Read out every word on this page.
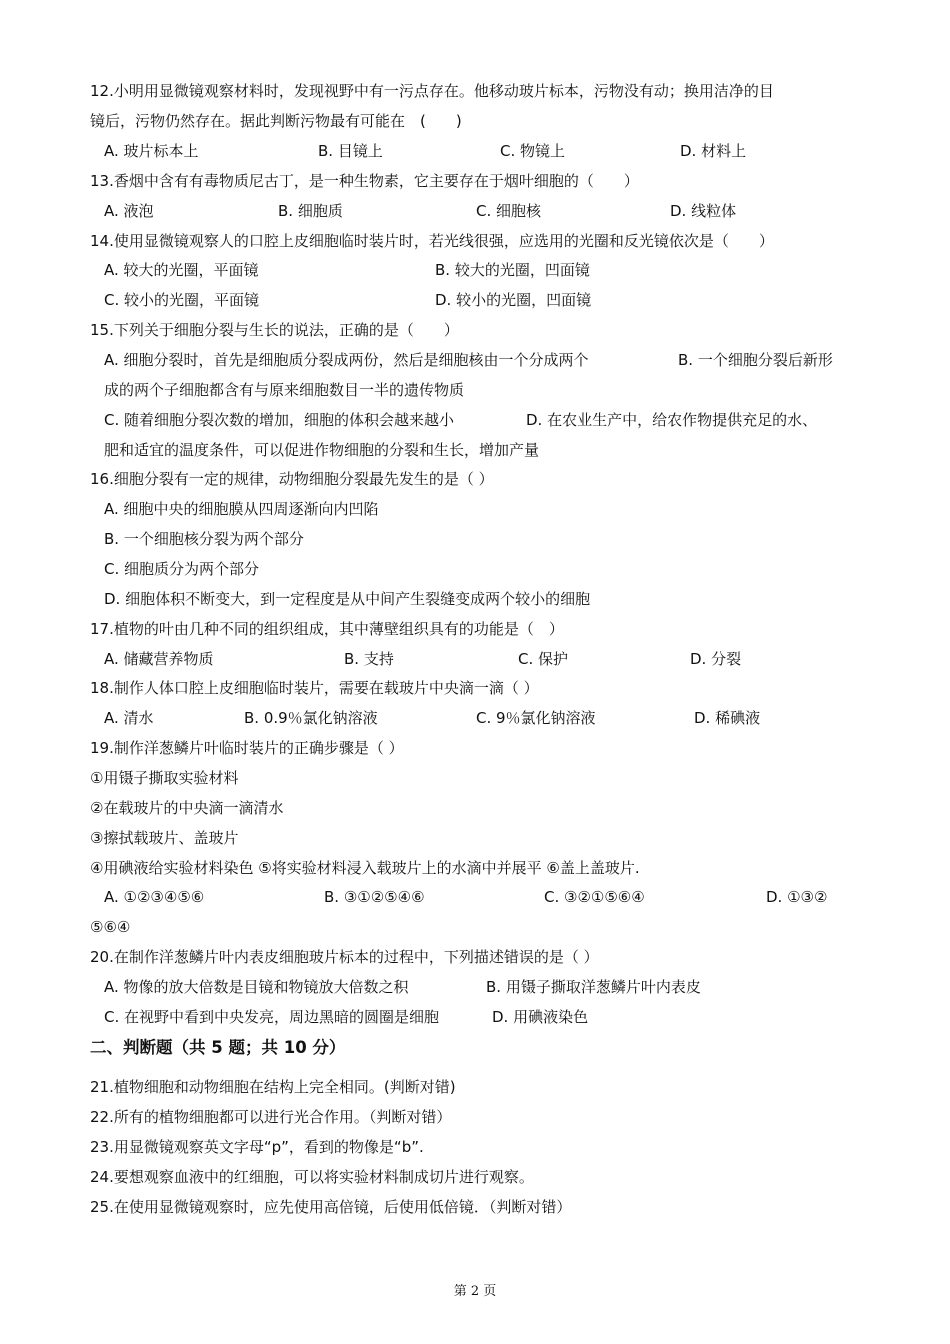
12.小明用显微镜观察材料时，发现视野中有一污点存在。他移动玻片标本，污物没有动；换用洁净的目
镜后，污物仍然存在。据此判断污物最有可能在　(　　)
A. 玻片标本上	B. 目镜上	C. 物镜上	D. 材料上
13.香烟中含有有毒物质尼古丁，是一种生物素，它主要存在于烟叶细胞的（　　）
A. 液泡	B. 细胞质	C. 细胞核	D. 线粒体
14.使用显微镜观察人的口腔上皮细胞临时装片时，若光线很强，应选用的光圈和反光镜依次是（　　）
A. 较大的光圈，平面镜	B. 较大的光圈，凹面镜
C. 较小的光圈，平面镜	D. 较小的光圈，凹面镜
15.下列关于细胞分裂与生长的说法，正确的是（　　）
A. 细胞分裂时，首先是细胞质分裂成两份，然后是细胞核由一个分成两个	B. 一个细胞分裂后新形
成的两个子细胞都含有与原来细胞数目一半的遗传物质
C. 随着细胞分裂次数的增加，细胞的体积会越来越小	D. 在农业生产中，给农作物提供充足的水、
肥和适宜的温度条件，可以促进作物细胞的分裂和生长，增加产量
16.细胞分裂有一定的规律，动物细胞分裂最先发生的是（ ）
A. 细胞中央的细胞膜从四周逐渐向内凹陷
B. 一个细胞核分裂为两个部分
C. 细胞质分为两个部分
D. 细胞体积不断变大，到一定程度是从中间产生裂缝变成两个较小的细胞
17.植物的叶由几种不同的组织组成，其中薄壁组织具有的功能是（　）
A. 储藏营养物质	B. 支持	C. 保护	D. 分裂
18.制作人体口腔上皮细胞临时装片，需要在载玻片中央滴一滴（ ）
A. 清水	B. 0.9％氯化钠溶液	C. 9％氯化钠溶液	D. 稀碘液
19.制作洋葱鳞片叶临时装片的正确步骤是（ ）
①用镊子撕取实验材料
②在载玻片的中央滴一滴清水
③擦拭载玻片、盖玻片
④用碘液给实验材料染色 ⑤将实验材料浸入载玻片上的水滴中并展平 ⑥盖上盖玻片.
A. ①②③④⑤⑥	B. ③①②⑤④⑥	C. ③②①⑤⑥④	D. ①③②
⑤⑥④
20.在制作洋葱鳞片叶内表皮细胞玻片标本的过程中，下列描述错误的是（ ）
A. 物像的放大倍数是目镜和物镜放大倍数之积	B. 用镊子撕取洋葱鳞片叶内表皮
C. 在视野中看到中央发亮，周边黑暗的圆圈是细胞	D. 用碘液染色
二、判断题（共 5 题；共 10 分）
21.植物细胞和动物细胞在结构上完全相同。(判断对错)
22.所有的植物细胞都可以进行光合作用。（判断对错）
23.用显微镜观察英文字母“p”，看到的物像是“b”.
24.要想观察血液中的红细胞，可以将实验材料制成切片进行观察。
25.在使用显微镜观察时，应先使用高倍镜，后使用低倍镜．（判断对错）
第 2 页
